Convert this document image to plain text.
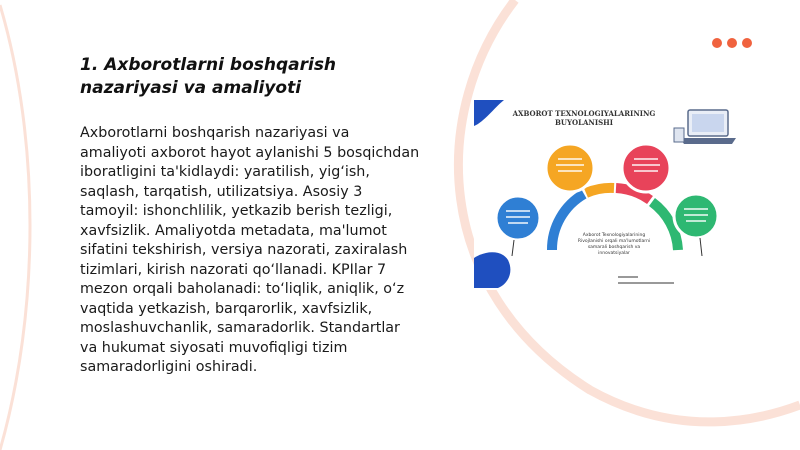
1. Axborotlarni boshqarish nazariyasi va amaliyoti

Axborotlarni boshqarish nazariyasi va amaliyoti axborot hayot aylanishi 5 bosqichdan iboratligini ta'kidlaydi: yaratilish, yig‘ish, saqlash, tarqatish, utilizatsiya. Asosiy 3 tamoyil: ishonchlilik, yetkazib berish tezligi, xavfsizlik. Amaliyotda metadata, ma'lumot sifatini tekshirish, versiya nazorati, zaxiralash tizimlari, kirish nazorati qo‘llanadi. KPIlar 7 mezon orqali baholanadi: to‘liqlik, aniqlik, o‘z vaqtida yetkazish, barqarorlik, xavfsizlik, moslashuvchanlik, samaradorlik. Standartlar va hukumat siyosati muvofiqligi tizim samaradorligini oshiradi.

AXBOROT TEXNOLOGIYALARINING
BUYOLANISHI
Axborot Texnologiyalarining
Rivojlanishi orqali ma'lumotlarni
samarali boshqarish va
innovatsiyalar
